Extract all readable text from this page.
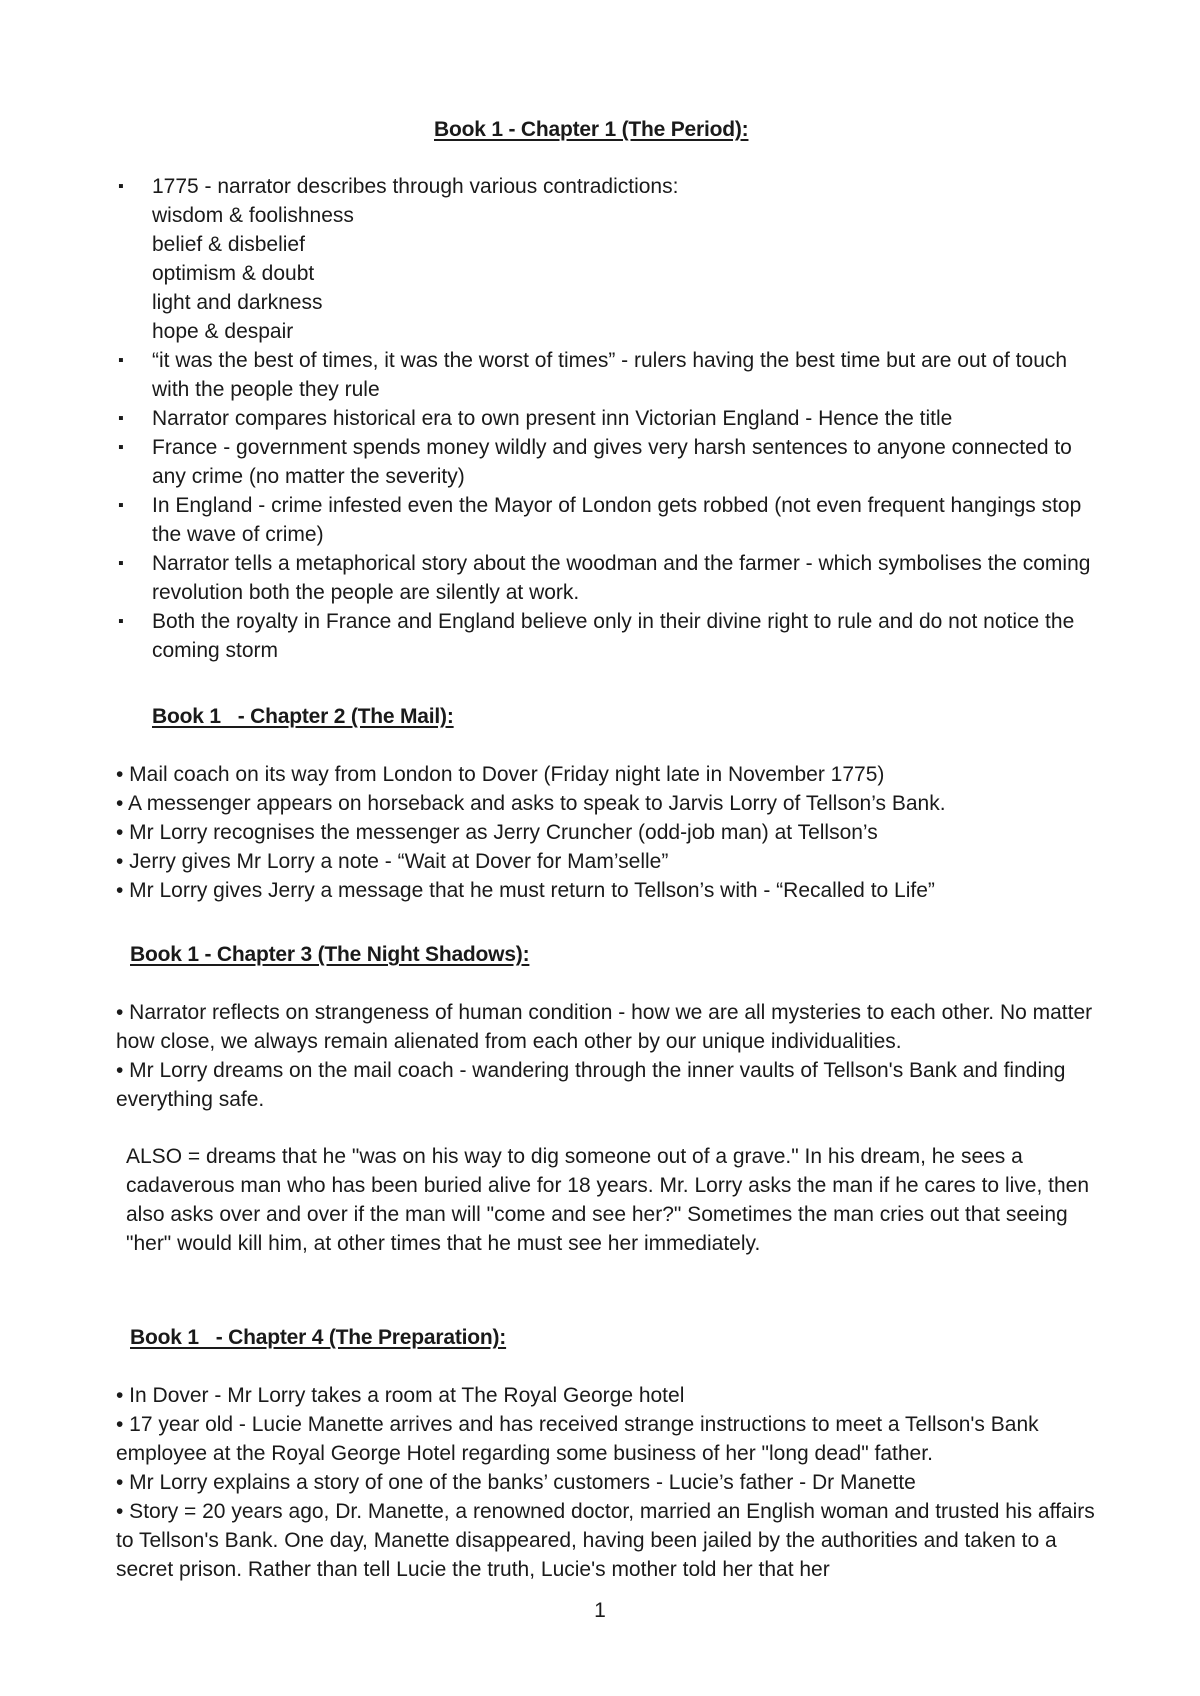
Book 1 - Chapter 1 (The Period):
▪ 1775 - narrator describes through various contradictions:
wisdom & foolishness
belief & disbelief
optimism & doubt
light and darkness
hope & despair
▪ “it was the best of times, it was the worst of times” - rulers having the best time but are out of touch with the people they rule
▪ Narrator compares historical era to own present inn Victorian England - Hence the title
▪ France - government spends money wildly and gives very harsh sentences to anyone connected to any crime (no matter the severity)
▪ In England - crime infested even the Mayor of London gets robbed (not even frequent hangings stop the wave of crime)
▪ Narrator tells a metaphorical story about the woodman and the farmer - which symbolises the coming revolution both the people are silently at work.
▪ Both the royalty in France and England believe only in their divine right to rule and do not notice the coming storm
Book 1   - Chapter 2 (The Mail):
• Mail coach on its way from London to Dover (Friday night late in November 1775)
• A messenger appears on horseback and asks to speak to Jarvis Lorry of Tellson’s Bank.
• Mr Lorry recognises the messenger as Jerry Cruncher (odd-job man) at Tellson’s
• Jerry gives Mr Lorry a note - “Wait at Dover for Mam’selle”
• Mr Lorry gives Jerry a message that he must return to Tellson’s with - “Recalled to Life”
Book 1 - Chapter 3 (The Night Shadows):
• Narrator reflects on strangeness of human condition - how we are all mysteries to each other. No matter how close, we always remain alienated from each other by our unique individualities.
• Mr Lorry dreams on the mail coach - wandering through the inner vaults of Tellson's Bank and finding everything safe.

ALSO = dreams that he "was on his way to dig someone out of a grave." In his dream, he sees a cadaverous man who has been buried alive for 18 years. Mr. Lorry asks the man if he cares to live, then also asks over and over if the man will "come and see her?" Sometimes the man cries out that seeing "her" would kill him, at other times that he must see her immediately.

Book 1   - Chapter 4 (The Preparation):
• In Dover - Mr Lorry takes a room at The Royal George hotel
• 17 year old - Lucie Manette arrives and has received strange instructions to meet a Tellson's Bank employee at the Royal George Hotel regarding some business of her "long dead" father.
• Mr Lorry explains a story of one of the banks’ customers - Lucie’s father - Dr Manette
• Story = 20 years ago, Dr. Manette, a renowned doctor, married an English woman and trusted his affairs to Tellson's Bank. One day, Manette disappeared, having been jailed by the authorities and taken to a secret prison. Rather than tell Lucie the truth, Lucie's mother told her that her
1
